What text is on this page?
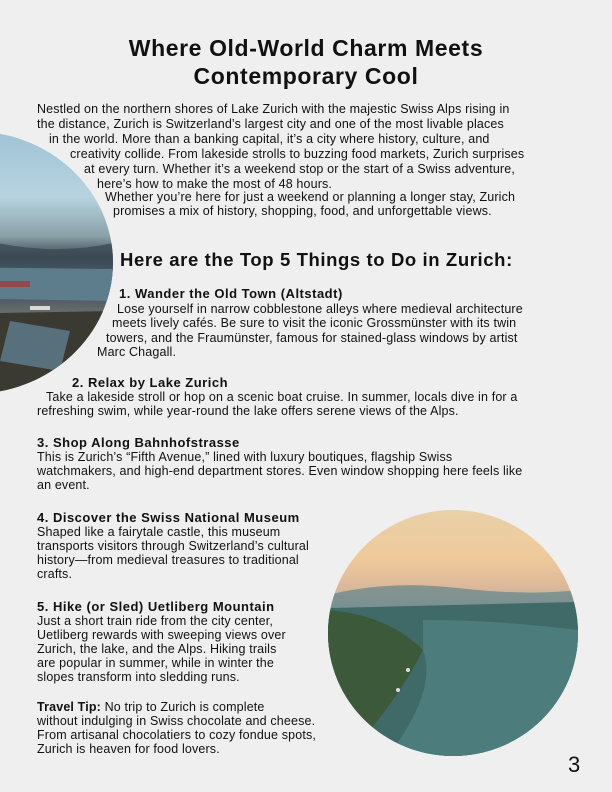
Where Old-World Charm Meets
Contemporary Cool
Nestled on the northern shores of Lake Zurich with the majestic Swiss Alps rising in
the distance, Zurich is Switzerland’s largest city and one of the most livable places
in the world. More than a banking capital, it’s a city where history, culture, and
creativity collide. From lakeside strolls to buzzing food markets, Zurich surprises
at every turn. Whether it’s a weekend stop or the start of a Swiss adventure,
here’s how to make the most of 48 hours.
Whether you’re here for just a weekend or planning a longer stay, Zurich
promises a mix of history, shopping, food, and unforgettable views.
Here are the Top 5 Things to Do in Zurich:
1. Wander the Old Town (Altstadt)
Lose yourself in narrow cobblestone alleys where medieval architecture
meets lively cafés. Be sure to visit the iconic Grossmünster with its twin
towers, and the Fraumünster, famous for stained-glass windows by artist
Marc Chagall.
2. Relax by Lake Zurich
Take a lakeside stroll or hop on a scenic boat cruise. In summer, locals dive in for a
refreshing swim, while year-round the lake offers serene views of the Alps.
3. Shop Along Bahnhofstrasse
This is Zurich’s “Fifth Avenue,” lined with luxury boutiques, flagship Swiss
watchmakers, and high-end department stores. Even window shopping here feels like
an event.
4. Discover the Swiss National Museum
Shaped like a fairytale castle, this museum
transports visitors through Switzerland’s cultural
history—from medieval treasures to traditional
crafts.
5. Hike (or Sled) Uetliberg Mountain
Just a short train ride from the city center,
Uetliberg rewards with sweeping views over
Zurich, the lake, and the Alps. Hiking trails
are popular in summer, while in winter the
slopes transform into sledding runs.
Travel Tip: No trip to Zurich is complete
without indulging in Swiss chocolate and cheese.
From artisanal chocolatiers to cozy fondue spots,
Zurich is heaven for food lovers.
3
